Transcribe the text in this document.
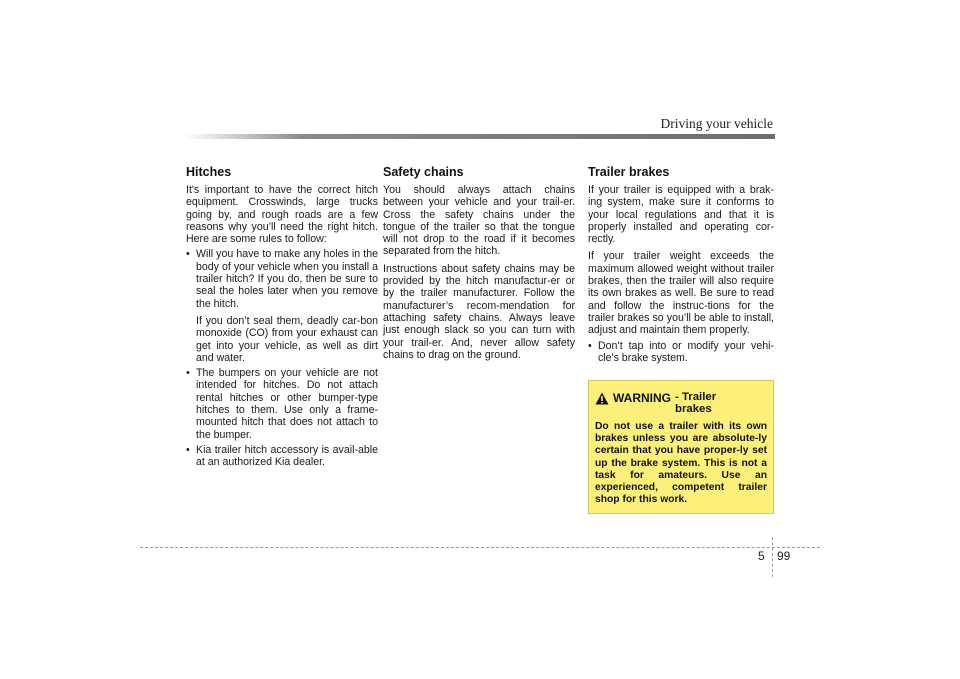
Driving your vehicle
Hitches

It's important to have the correct hitch equipment. Crosswinds, large trucks going by, and rough roads are a few reasons why you’ll need the right hitch. Here are some rules to follow:

• Will you have to make any holes in the body of your vehicle when you install a trailer hitch? If you do, then be sure to seal the holes later when you remove the hitch.
If you don’t seal them, deadly car-bon monoxide (CO) from your exhaust can get into your vehicle, as well as dirt and water.
• The bumpers on your vehicle are not intended for hitches. Do not attach rental hitches or other bumper-type hitches to them. Use only a frame-mounted hitch that does not attach to the bumper.
• Kia trailer hitch accessory is avail-able at an authorized Kia dealer.
Safety chains

You should always attach chains between your vehicle and your trail-er. Cross the safety chains under the tongue of the trailer so that the tongue will not drop to the road if it becomes separated from the hitch.

Instructions about safety chains may be provided by the hitch manufactur-er or by the trailer manufacturer. Follow the manufacturer’s recom-mendation for attaching safety chains. Always leave just enough slack so you can turn with your trail-er. And, never allow safety chains to drag on the ground.

Trailer brakes

If your trailer is equipped with a brak-ing system, make sure it conforms to your local regulations and that it is properly installed and operating cor-rectly.

If your trailer weight exceeds the maximum allowed weight without trailer brakes, then the trailer will also require its own brakes as well. Be sure to read and follow the instruc-tions for the trailer brakes so you’ll be able to install, adjust and maintain them properly.

• Don’t tap into or modify your vehi-cle's brake system.
WARNING - Trailer brakes

Do not use a trailer with its own brakes unless you are absolute-ly certain that you have proper-ly set up the brake system. This is not a task for amateurs. Use an experienced, competent trailer shop for this work.

5 99
